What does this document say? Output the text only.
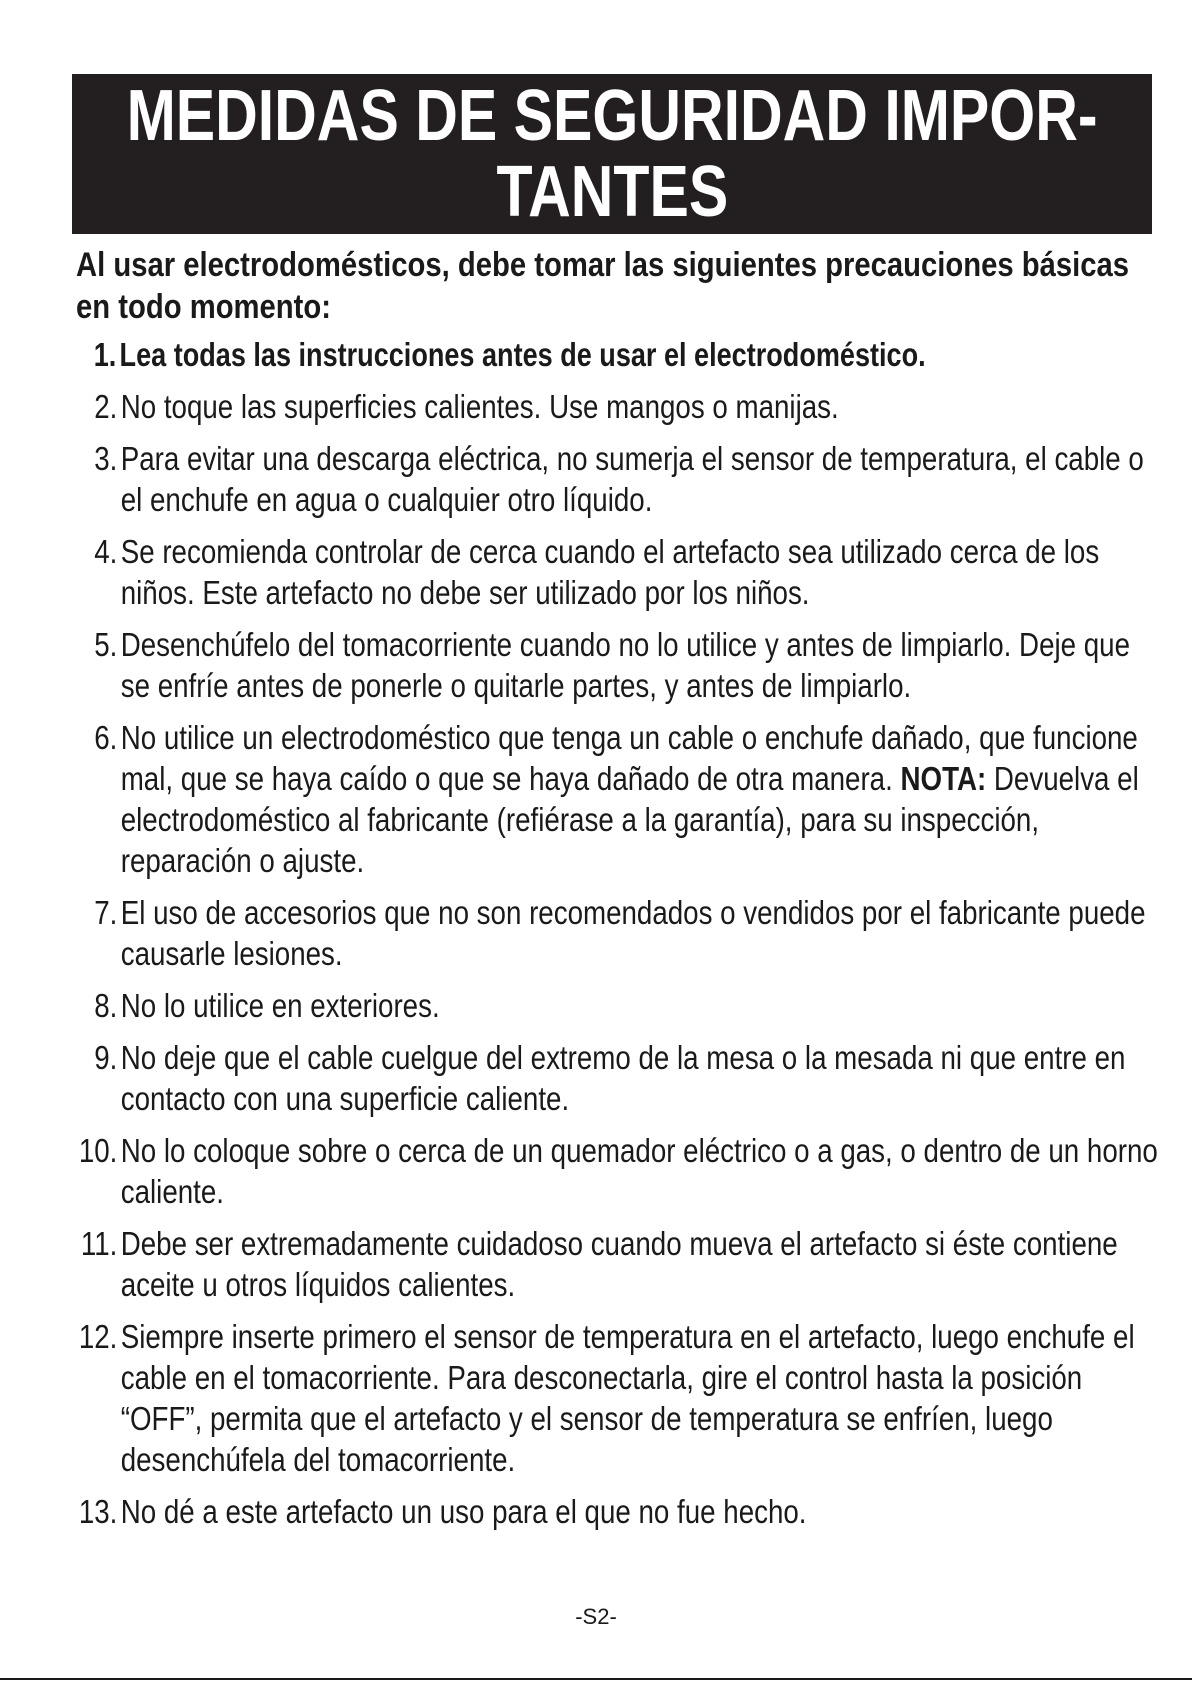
MEDIDAS DE SEGURIDAD IMPOR-
TANTES
Al usar electrodomésticos, debe tomar las siguientes precauciones básicas en todo momento:
1. Lea todas las instrucciones antes de usar el electrodoméstico.
2. No toque las superficies calientes. Use mangos o manijas.
3. Para evitar una descarga eléctrica, no sumerja el sensor de temperatura, el cable o el enchufe en agua o cualquier otro líquido.
4. Se recomienda controlar de cerca cuando el artefacto sea utilizado cerca de los niños. Este artefacto no debe ser utilizado por los niños.
5. Desenchúfelo del tomacorriente cuando no lo utilice y antes de limpiarlo. Deje que se enfríe antes de ponerle o quitarle partes, y antes de limpiarlo.
6. No utilice un electrodoméstico que tenga un cable o enchufe dañado, que funcione mal, que se haya caído o que se haya dañado de otra manera. NOTA: Devuelva el electrodoméstico al fabricante (refiérase a la garantía), para su inspección, reparación o ajuste.
7. El uso de accesorios que no son recomendados o vendidos por el fabricante puede causarle lesiones.
8. No lo utilice en exteriores.
9. No deje que el cable cuelgue del extremo de la mesa o la mesada ni que entre en contacto con una superficie caliente.
10. No lo coloque sobre o cerca de un quemador eléctrico o a gas, o dentro de un horno caliente.
11. Debe ser extremadamente cuidadoso cuando mueva el artefacto si éste contiene aceite u otros líquidos calientes.
12. Siempre inserte primero el sensor de temperatura en el artefacto, luego enchufe el cable en el tomacorriente. Para desconectarla, gire el control hasta la posición “OFF”, permita que el artefacto y el sensor de temperatura se enfríen, luego desenchúfela del tomacorriente.
13. No dé a este artefacto un uso para el que no fue hecho.
-S2-
